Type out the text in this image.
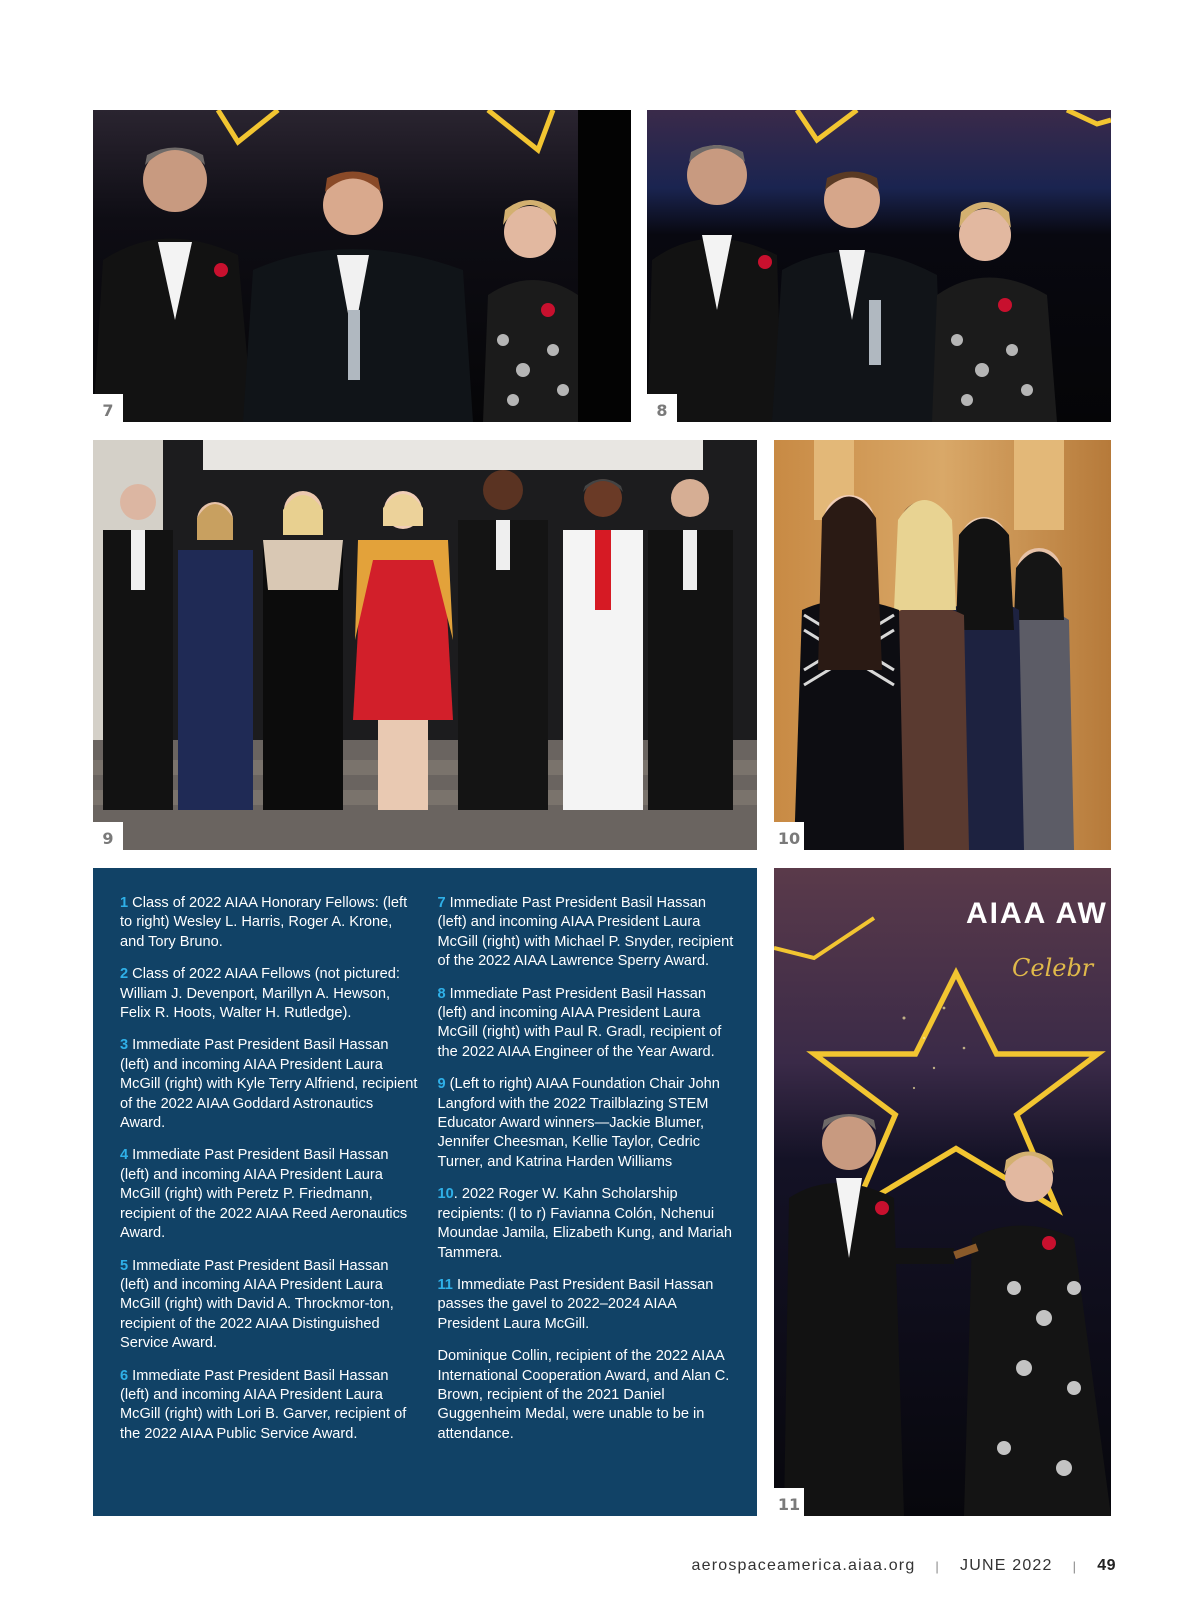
7	8
9	10

1 Class of 2022 AIAA Honorary Fellows: (left to right) Wesley L. Harris, Roger A. Krone, and Tory Bruno.

2 Class of 2022 AIAA Fellows (not pictured: William J. Devenport, Marillyn A. Hewson, Felix R. Hoots, Walter H. Rutledge).

3 Immediate Past President Basil Hassan (left) and incoming AIAA President Laura McGill (right) with Kyle Terry Alfriend, recipient of the 2022 AIAA Goddard Astronautics Award.

4 Immediate Past President Basil Hassan (left) and incoming AIAA President Laura McGill (right) with Peretz P. Friedmann, recipient of the 2022 AIAA Reed Aeronautics Award.

5 Immediate Past President Basil Hassan (left) and incoming AIAA President Laura McGill (right) with David A. Throckmor-ton, recipient of the 2022 AIAA Distinguished Service Award.

6 Immediate Past President Basil Hassan (left) and incoming AIAA President Laura McGill (right) with Lori B. Garver, recipient of the 2022 AIAA Public Service Award.

7 Immediate Past President Basil Hassan (left) and incoming AIAA President Laura McGill (right) with Michael P. Snyder, recipient of the 2022 AIAA Lawrence Sperry Award.

8 Immediate Past President Basil Hassan (left) and incoming AIAA President Laura McGill (right) with Paul R. Gradl, recipient of the 2022 AIAA Engineer of the Year Award.

9 (Left to right) AIAA Foundation Chair John Langford with the 2022 Trailblazing STEM Educator Award winners—Jackie Blumer, Jennifer Cheesman, Kellie Taylor, Cedric Turner, and Katrina Harden Williams

10. 2022 Roger W. Kahn Scholarship recipients: (l to r) Favianna Colón, Nchenui Moundae Jamila, Elizabeth Kung, and Mariah Tammera.

11 Immediate Past President Basil Hassan passes the gavel to 2022–2024 AIAA President Laura McGill.

Dominique Collin, recipient of the 2022 AIAA International Cooperation Award, and Alan C. Brown, recipient of the 2021 Daniel Guggenheim Medal, were unable to be in attendance.

AIAA AW
Celebr
11
aerospaceamerica.aiaa.org | JUNE 2022 | 49
